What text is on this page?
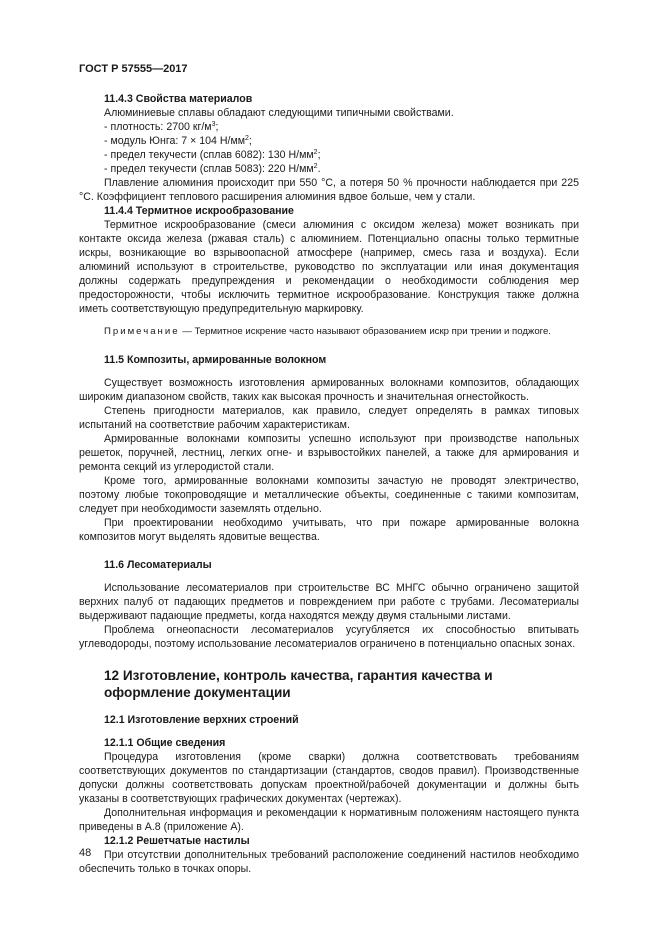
ГОСТ Р 57555—2017
11.4.3 Свойства материалов
Алюминиевые сплавы обладают следующими типичными свойствами.
- плотность: 2700 $кг/м^3$;
- модуль Юнга: 7 × 104 $Н/мм^2$;
- предел текучести (сплав 6082): 130 $Н/мм^2$;
- предел текучести (сплав 5083): 220 $Н/мм^2$.
Плавление алюминия происходит при 550 °C, а потеря 50 % прочности наблюдается при 225 °C. Коэффициент теплового расширения алюминия вдвое больше, чем у стали.
11.4.4 Термитное искрообразование
Термитное искрообразование (смеси алюминия с оксидом железа) может возникать при контакте оксида железа (ржавая сталь) с алюминием. Потенциально опасны только термитные искры, возникающие во взрывоопасной атмосфере (например, смесь газа и воздуха). Если алюминий используют в строительстве, руководство по эксплуатации или иная документация должны содержать предупреждения и рекомендации о необходимости соблюдения мер предосторожности, чтобы исключить термитное искрообразование. Конструкция также должна иметь соответствующую предупредительную маркировку.
Примечание — Термитное искрение часто называют образованием искр при трении и поджоге.
11.5 Композиты, армированные волокном
Существует возможность изготовления армированных волокнами композитов, обладающих широким диапазоном свойств, таких как высокая прочность и значительная огнестойкость.
Степень пригодности материалов, как правило, следует определять в рамках типовых испытаний на соответствие рабочим характеристикам.
Армированные волокнами композиты успешно используют при производстве напольных решеток, поручней, лестниц, легких огне- и взрывостойких панелей, а также для армирования и ремонта секций из углеродистой стали.
Кроме того, армированные волокнами композиты зачастую не проводят электричество, поэтому любые токопроводящие и металлические объекты, соединенные с такими композитам, следует при необходимости заземлять отдельно.
При проектировании необходимо учитывать, что при пожаре армированные волокна композитов могут выделять ядовитые вещества.
11.6 Лесоматериалы
Использование лесоматериалов при строительстве ВС МНГС обычно ограничено защитой верхних палуб от падающих предметов и повреждением при работе с трубами. Лесоматериалы выдерживают падающие предметы, когда находятся между двумя стальными листами.
Проблема огнеопасности лесоматериалов усугубляется их способностью впитывать углеводороды, поэтому использование лесоматериалов ограничено в потенциально опасных зонах.
12 Изготовление, контроль качества, гарантия качества и оформление документации
12.1 Изготовление верхних строений
12.1.1 Общие сведения
Процедура изготовления (кроме сварки) должна соответствовать требованиям соответствующих документов по стандартизации (стандартов, сводов правил). Производственные допуски должны соответствовать допускам проектной/рабочей документации и должны быть указаны в соответствующих графических документах (чертежах).
Дополнительная информация и рекомендации к нормативным положениям настоящего пункта приведены в А.8 (приложение А).
12.1.2 Решетчатые настилы
При отсутствии дополнительных требований расположение соединений настилов необходимо обеспечить только в точках опоры.
48
